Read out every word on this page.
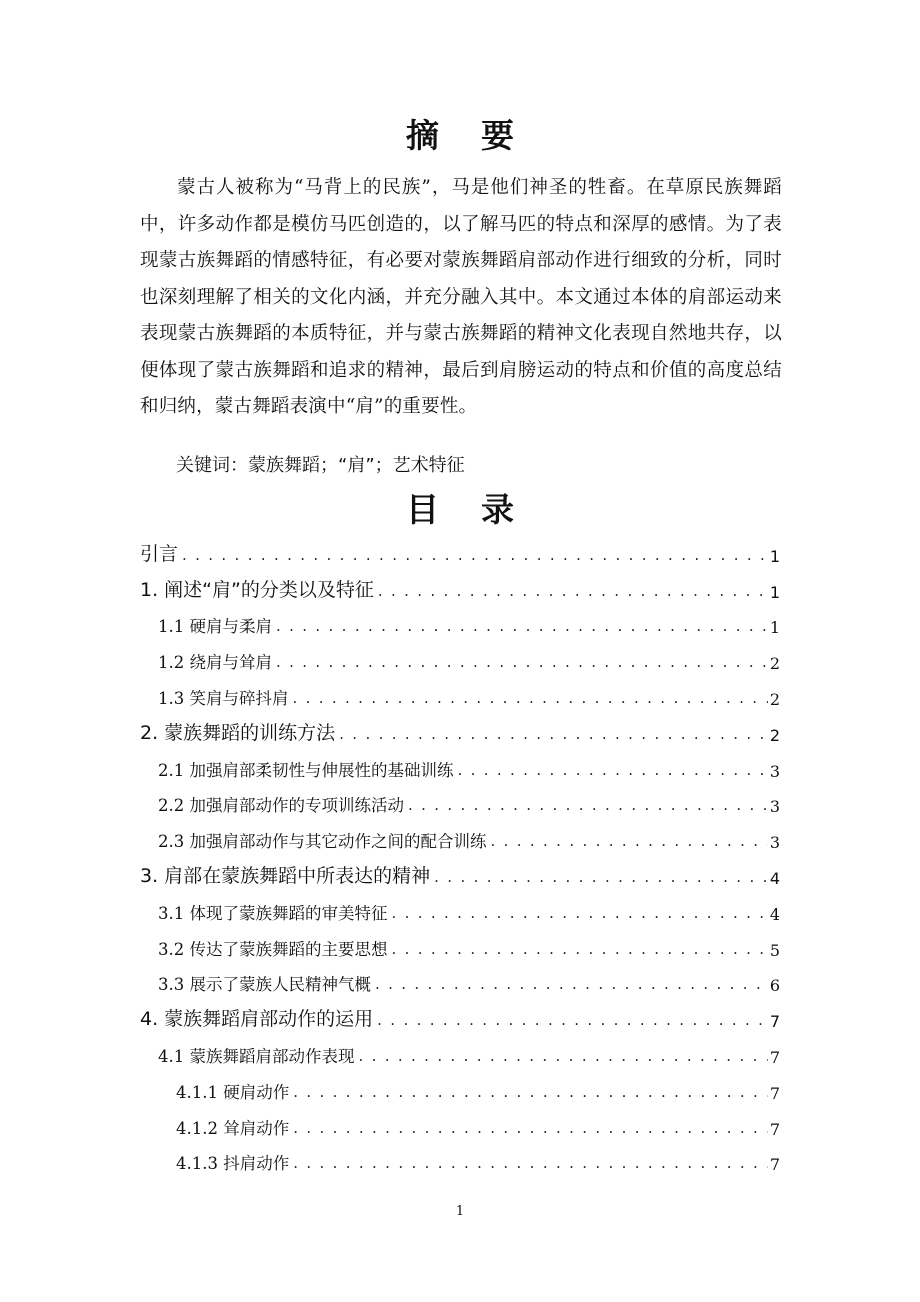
摘要
蒙古人被称为“马背上的民族”，马是他们神圣的牲畜。在草原民族舞蹈中，许多动作都是模仿马匹创造的，以了解马匹的特点和深厚的感情。为了表现蒙古族舞蹈的情感特征，有必要对蒙族舞蹈肩部动作进行细致的分析，同时也深刻理解了相关的文化内涵，并充分融入其中。本文通过本体的肩部运动来表现蒙古族舞蹈的本质特征，并与蒙古族舞蹈的精神文化表现自然地共存，以便体现了蒙古族舞蹈和追求的精神，最后到肩膀运动的特点和价值的高度总结和归纳，蒙古舞蹈表演中“肩”的重要性。
关键词：蒙族舞蹈；“肩”；艺术特征
目录
引言 . . .	1
1. 阐述“肩”的分类以及特征 . . .	1
1.1 硬肩与柔肩 . . .	1
1.2 绕肩与耸肩 . . .	2
1.3 笑肩与碎抖肩 . . .	2
2. 蒙族舞蹈的训练方法 . . .	2
2.1 加强肩部柔韧性与伸展性的基础训练 . . .	3
2.2 加强肩部动作的专项训练活动 . . .	3
2.3 加强肩部动作与其它动作之间的配合训练 . . .	3
3. 肩部在蒙族舞蹈中所表达的精神 . . .	4
3.1 体现了蒙族舞蹈的审美特征 . . .	4
3.2 传达了蒙族舞蹈的主要思想 . . .	5
3.3 展示了蒙族人民精神气概 . . .	6
4. 蒙族舞蹈肩部动作的运用 . . .	7
4.1 蒙族舞蹈肩部动作表现 . . .	7
4.1.1 硬肩动作 . . .	7
4.1.2 耸肩动作 . . .	7
4.1.3 抖肩动作 . . .	7
1
